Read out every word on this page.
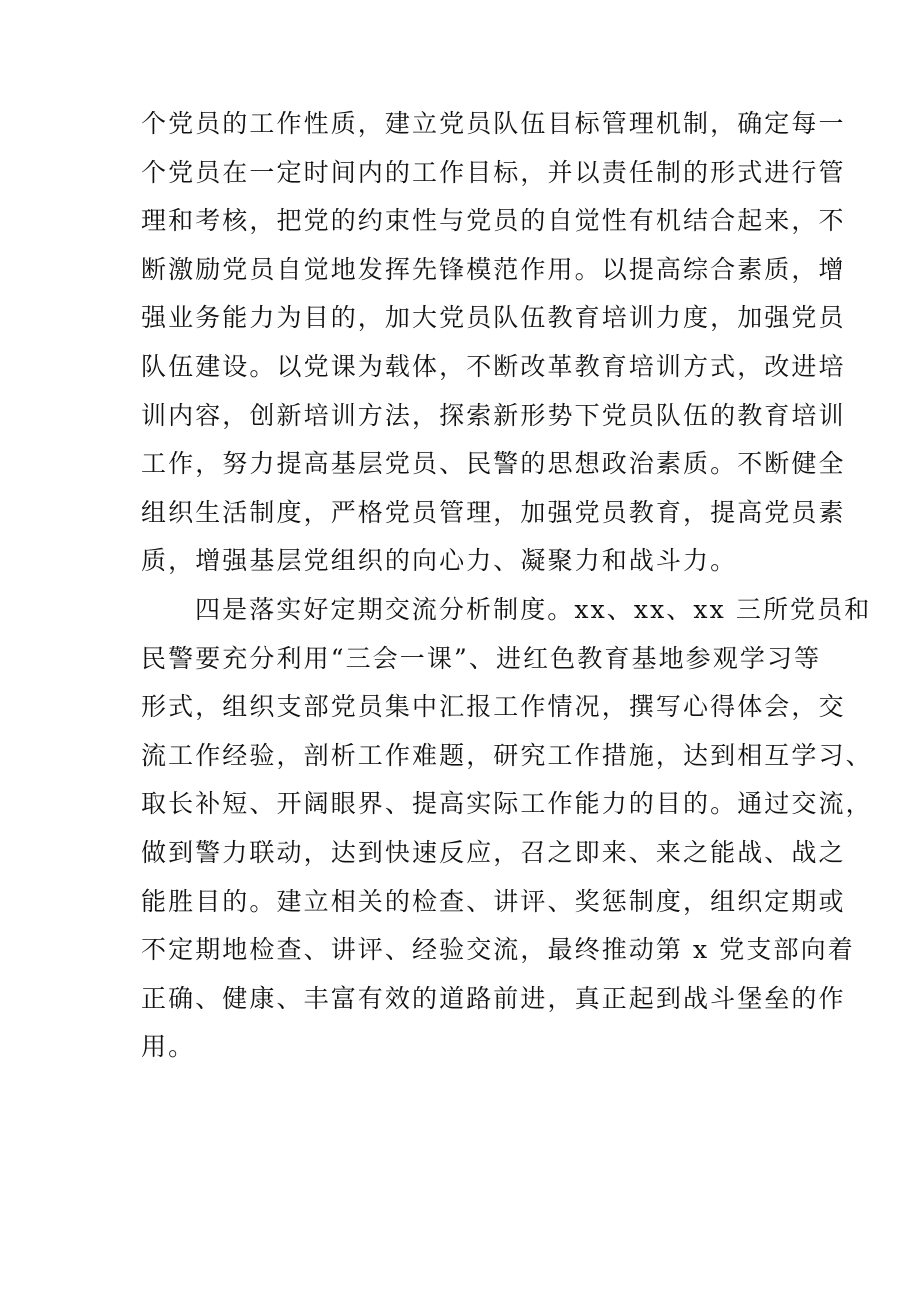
个党员的工作性质，建立党员队伍目标管理机制，确定每一
个党员在一定时间内的工作目标，并以责任制的形式进行管
理和考核，把党的约束性与党员的自觉性有机结合起来，不
断激励党员自觉地发挥先锋模范作用。以提高综合素质，增
强业务能力为目的，加大党员队伍教育培训力度，加强党员
队伍建设。以党课为载体，不断改革教育培训方式，改进培
训内容，创新培训方法，探索新形势下党员队伍的教育培训
工作，努力提高基层党员、民警的思想政治素质。不断健全
组织生活制度，严格党员管理，加强党员教育，提高党员素
质，增强基层党组织的向心力、凝聚力和战斗力。
四是落实好定期交流分析制度。xx、xx、xx 三所党员和
民警要充分利用“三会一课”、进红色教育基地参观学习等
形式，组织支部党员集中汇报工作情况，撰写心得体会，交
流工作经验，剖析工作难题，研究工作措施，达到相互学习、
取长补短、开阔眼界、提高实际工作能力的目的。通过交流，
做到警力联动，达到快速反应，召之即来、来之能战、战之
能胜目的。建立相关的检查、讲评、奖惩制度，组织定期或
不定期地检查、讲评、经验交流，最终推动第 x 党支部向着
正确、健康、丰富有效的道路前进，真正起到战斗堡垒的作
用。
